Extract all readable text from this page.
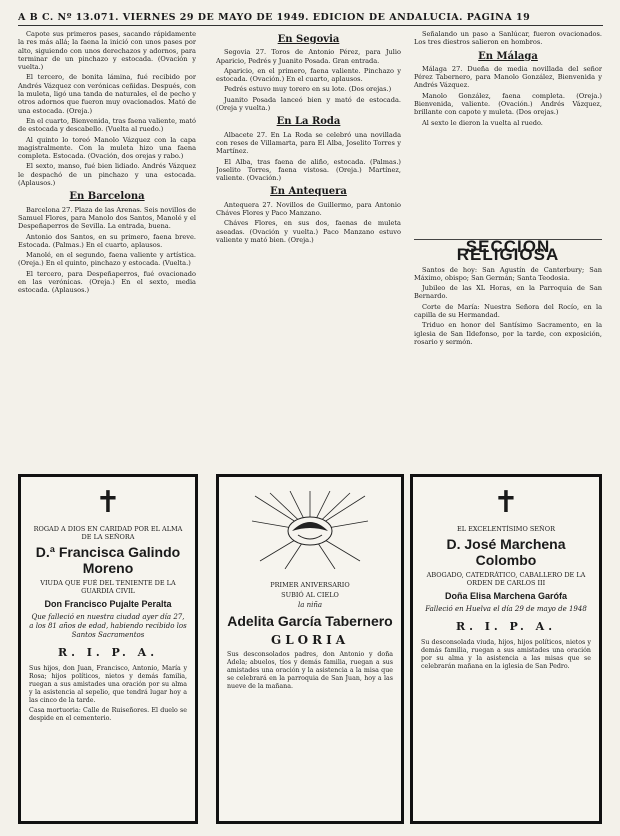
A B C. Nº 13.071. VIERNES 29 DE MAYO DE 1949. EDICION DE ANDALUCIA. PAGINA 19

Capote sus primeros pases, sacando rápidamente la res más allá; la faena la inició con unos pases por alto, siguiendo con unos derechazos y adornos, para terminar de un pinchazo y estocada. (Ovación y vuelta.)

El tercero, de bonita lámina, fué recibido por Andrés Vázquez con verónicas ceñidas. Después, con la muleta, ligó una tanda de naturales, el de pecho y otros adornos que fueron muy ovacionados. Mató de una estocada. (Oreja.)

En el cuarto, Bienvenida, tras faena valiente, mató de estocada y descabello. (Vuelta al ruedo.)

Al quinto lo toreó Manolo Vázquez con la capa magistralmente. Con la muleta hizo una faena completa. Estocada. (Ovación, dos orejas y rabo.)

El sexto, manso, fué bien lidiado. Andrés Vázquez le despachó de un pinchazo y una estocada. (Aplausos.)

En Barcelona

Barcelona 27. Plaza de las Arenas. Seis novillos de Samuel Flores, para Manolo dos Santos, Manolé y el Despeñaperros de Sevilla. La entrada, buena.

Antonio dos Santos, en su primero, faena breve. Estocada. (Palmas.) En el cuarto, aplausos.

Manolé, en el segundo, faena valiente y artística. (Oreja.) En el quinto, pinchazo y estocada. (Vuelta.)

El tercero, para Despeñaperros, fué ovacionado en las verónicas. (Oreja.) En el sexto, media estocada. (Aplausos.)

En Segovia

Segovia 27. Toros de Antonio Pérez, para Julio Aparicio, Pedrés y Juanito Posada. Gran entrada.

Aparicio, en el primero, faena valiente. Pinchazo y estocada. (Ovación.) En el cuarto, aplausos.

Pedrés estuvo muy torero en su lote. (Dos orejas.)

Juanito Posada lanceó bien y mató de estocada. (Oreja y vuelta.)

En La Roda

Albacete 27. En La Roda se celebró una novillada con reses de Villamarta, para El Alba, Joselito Torres y Martínez.

El Alba, tras faena de aliño, estocada. (Palmas.) Joselito Torres, faena vistosa. (Oreja.) Martínez, valiente. (Ovación.)

En Antequera

Antequera 27. Novillos de Guillermo, para Antonio Cháves Flores y Paco Manzano.

Cháves Flores, en sus dos, faenas de muleta aseadas. (Ovación y vuelta.) Paco Manzano estuvo valiente y mató bien. (Oreja.)

Señalando un paso a Sanlúcar, fueron ovacionados. Los tres diestros salieron en hombros.

En Málaga

Málaga 27. Dueña de media novillada del señor Pérez Tabernero, para Manolo González, Bienvenida y Andrés Vázquez.

Manolo González, faena completa. (Oreja.) Bienvenida, valiente. (Ovación.) Andrés Vázquez, brillante con capote y muleta. (Dos orejas.)

Al sexto le dieron la vuelta al ruedo.

SECCION RELIGIOSA

Santos de hoy: San Agustín de Canterbury; San Máximo, obispo; San Germán; Santa Teodosia.

Jubileo de las XL Horas, en la Parroquia de San Bernardo.

Corte de María: Nuestra Señora del Rocío, en la capilla de su Hermandad.

Triduo en honor del Santísimo Sacramento, en la iglesia de San Ildefonso, por la tarde, con exposición, rosario y sermón.

✝
ROGAD A DIOS EN CARIDAD POR EL ALMA DE LA SEÑORA
D.ª Francisca Galindo Moreno
VIUDA QUE FUÉ DEL TENIENTE DE LA GUARDIA CIVIL
Don Francisco Pujalte Peralta
Que falleció en nuestra ciudad ayer día 27, a los 81 años de edad, habiendo recibido los Santos Sacramentos
R. I. P. A.
Sus hijos, don Juan, Francisco, Antonio, María y Rosa; hijos políticos, nietos y demás familia, ruegan a sus amistades una oración por su alma y la asistencia al sepelio, que tendrá lugar hoy a las cinco de la tarde.
Casa mortuoria: Calle de Ruiseñores. El duelo se despide en el cementerio.
PRIMER ANIVERSARIO
SUBIÓ AL CIELO
la niña
Adelita García Tabernero
GLORIA
Sus desconsolados padres, don Antonio y doña Adela; abuelos, tíos y demás familia, ruegan a sus amistades una oración y la asistencia a la misa que se celebrará en la parroquia de San Juan, hoy a las nueve de la mañana.
✝
EL EXCELENTÍSIMO SEÑOR
D. José Marchena Colombo
ABOGADO, CATEDRÁTICO, CABALLERO DE LA ORDEN DE CARLOS III
Doña Elisa Marchena Garófa
Falleció en Huelva el día 29 de mayo de 1948
R. I. P. A.
Su desconsolada viuda, hijos, hijos políticos, nietos y demás familia, ruegan a sus amistades una oración por su alma y la asistencia a las misas que se celebrarán mañana en la iglesia de San Pedro.
